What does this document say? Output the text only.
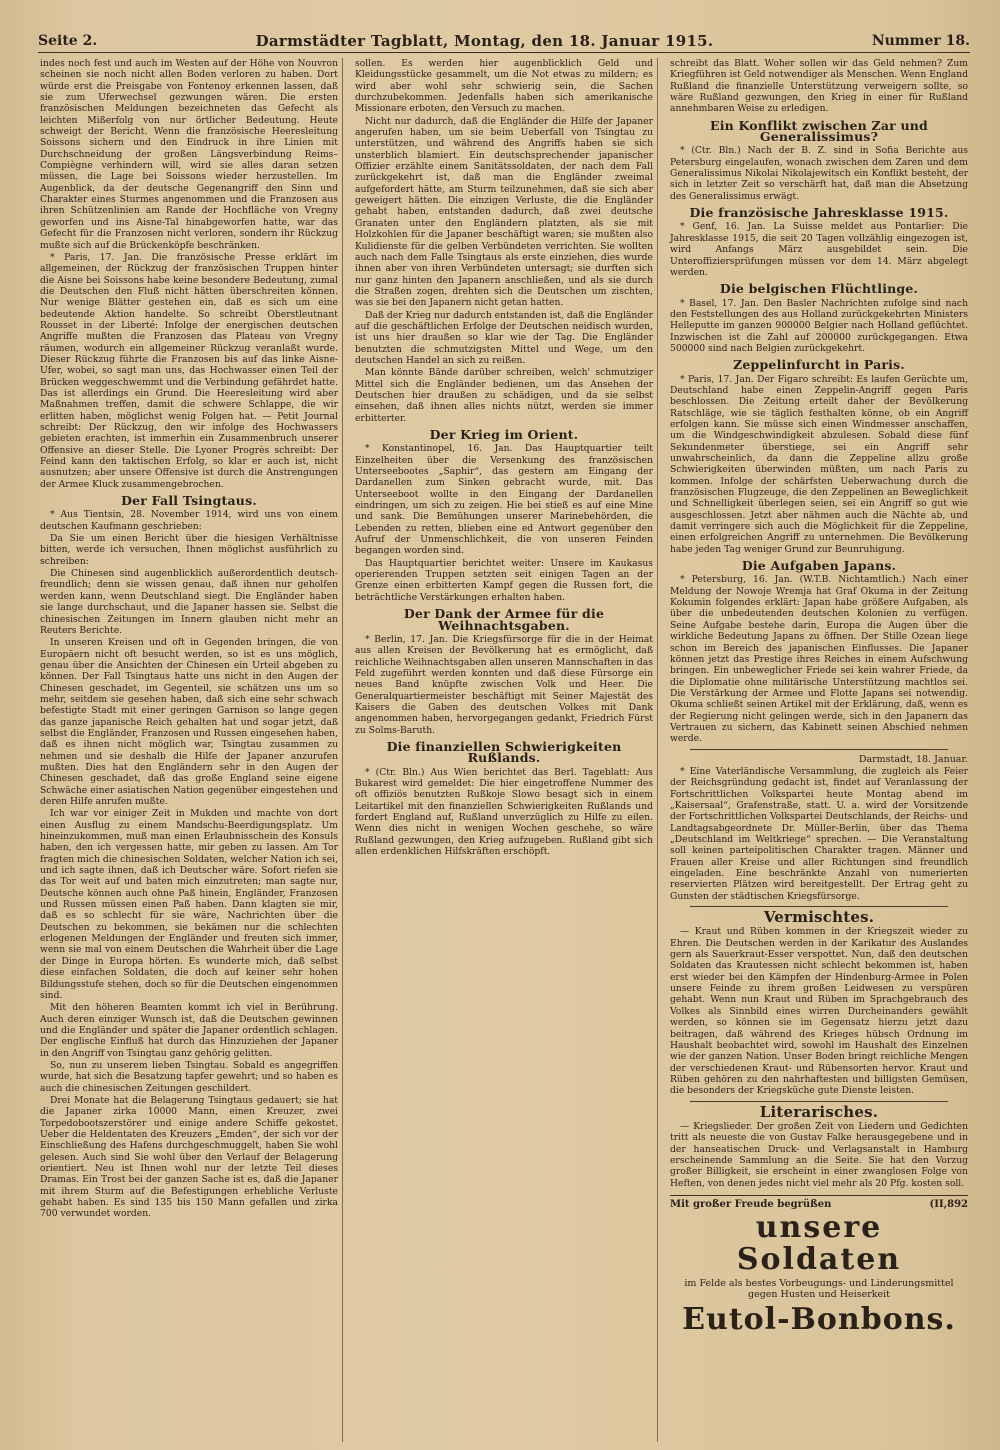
Seite 2.	Darmstädter Tagblatt, Montag, den 18. Januar 1915.	Nummer 18.

indes noch fest und auch im Westen auf der Höhe von Nouvron scheinen sie noch nicht allen Boden verloren zu haben. Dort würde erst die Preisgabe von Fontenoy erkennen lassen, daß sie zum Uferwechsel gezwungen wären. Die ersten französischen Meldungen bezeichneten das Gefecht als leichten Mißerfolg von nur örtlicher Bedeutung. Heute schweigt der Bericht. Wenn die französische Heeresleitung Soissons sichern und den Eindruck in ihre Linien mit Durchschneidung der großen Längsverbindung Reims–Compiègne verhindern will, wird sie alles daran setzen müssen, die Lage bei Soissons wieder herzustellen. Im Augenblick, da der deutsche Gegenangriff den Sinn und Charakter eines Sturmes angenommen und die Franzosen aus ihren Schützenlinien am Rande der Hochfläche von Vregny geworfen und ins Aisne-Tal hinabgeworfen hatte, war das Gefecht für die Franzosen nicht verloren, sondern ihr Rückzug mußte sich auf die Brückenköpfe beschränken.

* Paris, 17. Jan. Die französische Presse erklärt im allgemeinen, der Rückzug der französischen Truppen hinter die Aisne bei Soissons habe keine besondere Bedeutung, zumal die Deutschen den Fluß nicht hätten überschreiten können. Nur wenige Blätter gestehen ein, daß es sich um eine bedeutende Aktion handelte. So schreibt Oberstleutnant Rousset in der Liberté: Infolge der energischen deutschen Angriffe mußten die Franzosen das Plateau von Vregny räumen, wodurch ein allgemeiner Rückzug veranlaßt wurde. Dieser Rückzug führte die Franzosen bis auf das linke Aisne-Ufer, wobei, so sagt man uns, das Hochwasser einen Teil der Brücken weggeschwemmt und die Verbindung gefährdet hatte. Das ist allerdings ein Grund. Die Heeresleitung wird aber Maßnahmen treffen, damit die schwere Schlappe, die wir erlitten haben, möglichst wenig Folgen hat. — Petit Journal schreibt: Der Rückzug, den wir infolge des Hochwassers gebieten erachten, ist immerhin ein Zusammenbruch unserer Offensive an dieser Stelle. Die Lyoner Progrès schreibt: Der Feind kann den taktischen Erfolg, so klar er auch ist, nicht ausnutzen; aber unsere Offensive ist durch die Anstrengungen der Armee Kluck zusammengebrochen.

Der Fall Tsingtaus.

* Aus Tientsin, 28. November 1914, wird uns von einem deutschen Kaufmann geschrieben:

Da Sie um einen Bericht über die hiesigen Verhältnisse bitten, werde ich versuchen, Ihnen möglichst ausführlich zu schreiben:

Die Chinesen sind augenblicklich außerordentlich deutsch-freundlich; denn sie wissen genau, daß ihnen nur geholfen werden kann, wenn Deutschland siegt. Die Engländer haben sie lange durchschaut, und die Japaner hassen sie. Selbst die chinesischen Zeitungen im Innern glauben nicht mehr an Reuters Berichte.

In unseren Kreisen und oft in Gegenden bringen, die von Europäern nicht oft besucht werden, so ist es uns möglich, genau über die Ansichten der Chinesen ein Urteil abgeben zu können. Der Fall Tsingtaus hatte uns nicht in den Augen der Chinesen geschadet, im Gegenteil, sie schätzen uns um so mehr, seitdem sie gesehen haben, daß sich eine sehr schwach befestigte Stadt mit einer geringen Garnison so lange gegen das ganze japanische Reich gehalten hat und sogar jetzt, daß selbst die Engländer, Franzosen und Russen eingesehen haben, daß es ihnen nicht möglich war, Tsingtau zusammen zu nehmen und sie deshalb die Hilfe der Japaner anzurufen mußten. Dies hat den Engländern sehr in den Augen der Chinesen geschadet, daß das große England seine eigene Schwäche einer asiatischen Nation gegenüber eingestehen und deren Hilfe anrufen mußte.

Ich war vor einiger Zeit in Mukden und machte von dort einen Ausflug zu einem Mandschu-Beerdigungsplatz. Um hineinzukommen, muß man einen Erlaubnisschein des Konsuls haben, den ich vergessen hatte, mir geben zu lassen. Am Tor fragten mich die chinesischen Soldaten, welcher Nation ich sei, und ich sagte ihnen, daß ich Deutscher wäre. Sofort riefen sie das Tor weit auf und baten mich einzutreten; man sagte nur, Deutsche können auch ohne Paß hinein, Engländer, Franzosen und Russen müssen einen Paß haben. Dann klagten sie mir, daß es so schlecht für sie wäre, Nachrichten über die Deutschen zu bekommen, sie bekämen nur die schlechten erlogenen Meldungen der Engländer und freuten sich immer, wenn sie mal von einem Deutschen die Wahrheit über die Lage der Dinge in Europa hörten. Es wunderte mich, daß selbst diese einfachen Soldaten, die doch auf keiner sehr hohen Bildungsstufe stehen, doch so für die Deutschen eingenommen sind.

Mit den höheren Beamten kommt ich viel in Berührung. Auch deren einziger Wunsch ist, daß die Deutschen gewinnen und die Engländer und später die Japaner ordentlich schlagen. Der englische Einfluß hat durch das Hinzuziehen der Japaner in den Angriff von Tsingtau ganz gehörig gelitten.

So, nun zu unserem lieben Tsingtau. Sobald es angegriffen wurde, hat sich die Besatzung tapfer gewehrt; und so haben es auch die chinesischen Zeitungen geschildert.

Drei Monate hat die Belagerung Tsingtaus gedauert; sie hat die Japaner zirka 10000 Mann, einen Kreuzer, zwei Torpedobootszerstörer und einige andere Schiffe gekostet. Ueber die Heldentaten des Kreuzers „Emden“, der sich vor der Einschließung des Hafens durchgeschmuggelt, haben Sie wohl gelesen. Auch sind Sie wohl über den Verlauf der Belagerung orientiert. Neu ist Ihnen wohl nur der letzte Teil dieses Dramas. Ein Trost bei der ganzen Sache ist es, daß die Japaner mit ihrem Sturm auf die Befestigungen erhebliche Verluste gehabt haben. Es sind 135 bis 150 Mann gefallen und zirka 700 verwundet worden.

sollen. Es werden hier augenblicklich Geld und Kleidungsstücke gesammelt, um die Not etwas zu mildern; es wird aber wohl sehr schwierig sein, die Sachen durchzubekommen. Jedenfalls haben sich amerikanische Missionare erboten, den Versuch zu machen.

Nicht nur dadurch, daß die Engländer die Hilfe der Japaner angerufen haben, um sie beim Ueberfall von Tsingtau zu unterstützen, und während des Angriffs haben sie sich unsterblich blamiert. Ein deutschsprechender japanischer Offizier erzählte einem Sanitätssoldaten, der nach dem Fall zurückgekehrt ist, daß man die Engländer zweimal aufgefordert hätte, am Sturm teilzunehmen, daß sie sich aber geweigert hätten. Die einzigen Verluste, die die Engländer gehabt haben, entstanden dadurch, daß zwei deutsche Granaten unter den Engländern platzten, als sie mit Holzkohlen für die Japaner beschäftigt waren; sie mußten also Kulidienste für die gelben Verbündeten verrichten. Sie wollten auch nach dem Falle Tsingtaus als erste einziehen, dies wurde ihnen aber von ihren Verbündeten untersagt; sie durften sich nur ganz hinten den Japanern anschließen, und als sie durch die Straßen zogen, drehten sich die Deutschen um zischten, was sie bei den Japanern nicht getan hatten.

Daß der Krieg nur dadurch entstanden ist, daß die Engländer auf die geschäftlichen Erfolge der Deutschen neidisch wurden, ist uns hier draußen so klar wie der Tag. Die Engländer benutzten die schmutzigsten Mittel und Wege, um den deutschen Handel an sich zu reißen.

Man könnte Bände darüber schreiben, welch' schmutziger Mittel sich die Engländer bedienen, um das Ansehen der Deutschen hier draußen zu schädigen, und da sie selbst einsehen, daß ihnen alles nichts nützt, werden sie immer erbitterter.

Der Krieg im Orient.

* Konstantinopel, 16. Jan. Das Hauptquartier teilt Einzelheiten über die Versenkung des französischen Unterseebootes „Saphir“, das gestern am Eingang der Dardanellen zum Sinken gebracht wurde, mit. Das Unterseeboot wollte in den Eingang der Dardanellen eindringen, um sich zu zeigen. Hie bei stieß es auf eine Mine und sank. Die Bemühungen unserer Marinebehörden, die Lebenden zu retten, blieben eine ed Antwort gegenüber den Aufruf der Unmenschlichkeit, die von unseren Feinden begangen worden sind.

Das Hauptquartier berichtet weiter: Unsere im Kaukasus operierenden Truppen setzten seit einigen Tagen an der Grenze einen erbitterten Kampf gegen die Russen fort, die beträchtliche Verstärkungen erhalten haben.

Der Dank der Armee für die Weihnachtsgaben.

* Berlin, 17. Jan. Die Kriegsfürsorge für die in der Heimat aus allen Kreisen der Bevölkerung hat es ermöglicht, daß reichliche Weihnachtsgaben allen unseren Mannschaften in das Feld zugeführt werden konnten und daß diese Fürsorge ein neues Band knüpfte zwischen Volk und Heer. Die Generalquartiermeister beschäftigt mit Seiner Majestät des Kaisers die Gaben des deutschen Volkes mit Dank angenommen haben, hervorgegangen gedankt, Friedrich Fürst zu Solms-Baruth.

Die finanziellen Schwierigkeiten Rußlands.

* (Ctr. Bln.) Aus Wien berichtet das Berl. Tageblatt: Aus Bukarest wird gemeldet: Die hier eingetroffene Nummer des oft offiziös benutzten Rußkoje Slowo besagt sich in einem Leitartikel mit den finanziellen Schwierigkeiten Rußlands und fordert England auf, Rußland unverzüglich zu Hilfe zu eilen. Wenn dies nicht in wenigen Wochen geschehe, so wäre Rußland gezwungen, den Krieg aufzugeben. Rußland gibt sich allen erdenklichen Hilfskräften erschöpft.

schreibt das Blatt. Woher sollen wir das Geld nehmen? Zum Kriegführen ist Geld notwendiger als Menschen. Wenn England Rußland die finanzielle Unterstützung verweigern sollte, so wäre Rußland gezwungen, den Krieg in einer für Rußland annehmbaren Weise zu erledigen.

Ein Konflikt zwischen Zar und Generalissimus?

* (Ctr. Bln.) Nach der B. Z. sind in Sofia Berichte aus Petersburg eingelaufen, wonach zwischen dem Zaren und dem Generalissimus Nikolai Nikolajewitsch ein Konflikt besteht, der sich in letzter Zeit so verschärft hat, daß man die Absetzung des Generalissimus erwägt.

Die französische Jahresklasse 1915.

* Genf, 16. Jan. La Suisse meldet aus Pontarlier: Die Jahresklasse 1915, die seit 20 Tagen vollzählig eingezogen ist, wird Anfangs März ausgebildet sein. Die Unteroffiziersprüfungen müssen vor dem 14. März abgelegt werden.

Die belgischen Flüchtlinge.

* Basel, 17. Jan. Den Basler Nachrichten zufolge sind nach den Feststellungen des aus Holland zurückgekehrten Ministers Helleputte im ganzen 900000 Belgier nach Holland geflüchtet. Inzwischen ist die Zahl auf 200000 zurückgegangen. Etwa 500000 sind nach Belgien zurückgekehrt.

Zeppelinfurcht in Paris.

* Paris, 17. Jan. Der Figaro schreibt: Es laufen Gerüchte um, Deutschland habe einen Zeppelin-Angriff gegen Paris beschlossen. Die Zeitung erteilt daher der Bevölkerung Ratschläge, wie sie täglich festhalten könne, ob ein Angriff erfolgen kann. Sie müsse sich einen Windmesser anschaffen, um die Windgeschwindigkeit abzulesen. Sobald diese fünf Sekundenmeter überstiege, sei ein Angriff sehr unwahrscheinlich, da dann die Zeppeline allzu große Schwierigkeiten überwinden müßten, um nach Paris zu kommen. Infolge der schärfsten Ueberwachung durch die französischen Flugzeuge, die den Zeppelinen an Beweglichkeit und Schnelligkeit überlegen seien, sei ein Angriff so gut wie ausgeschlossen. Jetzt aber nähmen auch die Nächte ab, und damit verringere sich auch die Möglichkeit für die Zeppeline, einen erfolgreichen Angriff zu unternehmen. Die Bevölkerung habe jeden Tag weniger Grund zur Beunruhigung.

Die Aufgaben Japans.

* Petersburg, 16. Jan. (W.T.B. Nichtamtlich.) Nach einer Meldung der Nowoje Wremja hat Graf Okuma in der Zeitung Kokumin folgendes erklärt: Japan habe größere Aufgaben, als über die unbedeutenden deutschen Kolonien zu verfügen. Seine Aufgabe bestehe darin, Europa die Augen über die wirkliche Bedeutung Japans zu öffnen. Der Stille Ozean liege schon im Bereich des japanischen Einflusses. Die Japaner können jetzt das Prestige ihres Reiches in einem Aufschwung bringen. Ein unbeweglicher Friede sei kein wahrer Friede, da die Diplomatie ohne militärische Unterstützung machtlos sei. Die Verstärkung der Armee und Flotte Japans sei notwendig. Okuma schließt seinen Artikel mit der Erklärung, daß, wenn es der Regierung nicht gelingen werde, sich in den Japanern das Vertrauen zu sichern, das Kabinett seinen Abschied nehmen werde.

Darmstadt, 18. Januar.

* Eine Vaterländische Versammlung, die zugleich als Feier der Reichsgründung gedacht ist, findet auf Veranlassung der Fortschrittlichen Volkspartei heute Montag abend im „Kaisersaal“, Grafenstraße, statt. U. a. wird der Vorsitzende der Fortschrittlichen Volkspartei Deutschlands, der Reichs- und Landtagsabgeordnete Dr. Müller-Berlin, über das Thema „Deutschland im Weltkriege“ sprechen. — Die Veranstaltung soll keinen parteipolitischen Charakter tragen. Männer und Frauen aller Kreise und aller Richtungen sind freundlich eingeladen. Eine beschränkte Anzahl von numerierten reservierten Plätzen wird bereitgestellt. Der Ertrag geht zu Gunsten der städtischen Kriegsfürsorge.

Vermischtes.

— Kraut und Rüben kommen in der Kriegszeit wieder zu Ehren. Die Deutschen werden in der Karikatur des Auslandes gern als Sauerkraut-Esser verspottet. Nun, daß den deutschen Soldaten das Krautessen nicht schlecht bekommen ist, haben erst wieder bei den Kämpfen der Hindenburg-Armee in Polen unsere Feinde zu ihrem großen Leidwesen zu verspüren gehabt. Wenn nun Kraut und Rüben im Sprachgebrauch des Volkes als Sinnbild eines wirren Durcheinanders gewählt werden, so können sie im Gegensatz hierzu jetzt dazu beitragen, daß während des Krieges hübsch Ordnung im Haushalt beobachtet wird, sowohl im Haushalt des Einzelnen wie der ganzen Nation. Unser Boden bringt reichliche Mengen der verschiedenen Kraut- und Rübensorten hervor. Kraut und Rüben gehören zu den nahrhaftesten und billigsten Gemüsen, die besonders der Kriegsküche gute Dienste leisten.

Literarisches.

— Kriegslieder. Der großen Zeit von Liedern und Gedichten tritt als neueste die von Gustav Falke herausgegebene und in der hanseatischen Druck- und Verlagsanstalt in Hamburg erscheinende Sammlung an die Seite. Sie hat den Vorzug großer Billigkeit, sie erscheint in einer zwanglosen Folge von Heften, von denen jedes nicht viel mehr als 20 Pfg. kosten soll.

Mit großer Freude begrüßen	(II,892
unsere Soldaten
im Felde als bestes Vorbeugungs- und Linderungsmittel gegen Husten und Heiserkeit
Eutol-Bonbons.
